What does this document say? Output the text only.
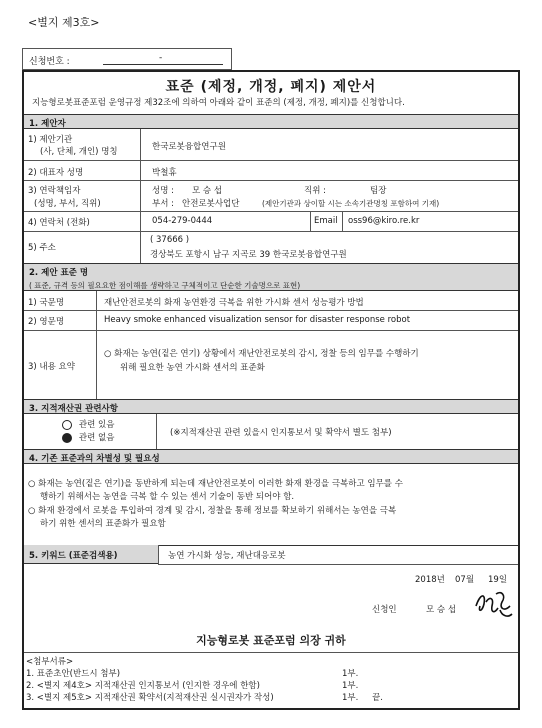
<별지 제3호>
신청번호 :	-
표준 (제정, 개정, 폐지) 제안서
지능형로봇표준포럼 운영규정 제32조에 의하여 아래와 같이 표준의 (제정, 개정, 폐지)를 신청합니다.
1. 제안자
1) 제안기관
(사, 단체, 개인) 명칭	한국로봇융합연구원
2) 대표자 성명	박철휴
3) 연락책임자
(성명, 부서, 직위)
성명 : 모 승 섭	직위 :	팀장
부서 : 안전로봇사업단	(제안기관과 상이할 시는 소속기관명칭 포함하여 기재)
4) 연락처 (전화)	054-279-0444	Email oss96@kiro.re.kr
5) 주소
( 37666 )
경상북도 포항시 남구 지곡로 39 한국로봇융합연구원
2. 제안 표준 명
( 표준, 규격 등의 필요요한 점이해를 생략하고 구체적이고 단순한 기술명으로 표현)
1) 국문명	재난안전로봇의 화재 농연환경 극복을 위한 가시화 센서 성능평가 방법
2) 영문명	Heavy smoke enhanced visualization sensor for disaster response robot
3) 내용 요약
○ 화재는 농연(짙은 연기) 상황에서 재난안전로봇의 감시, 정찰 등의 임무를 수행하기
위해 필요한 농연 가시화 센서의 표준화
3. 지적재산권 관련사항
관련 있음
관련 없음	(※지적재산권 관련 있을시 인지통보서 및 확약서 별도 첨부)
4. 기존 표준과의 차별성 및 필요성
○ 화재는 농연(짙은 연기)을 동반하게 되는데 재난안전로봇이 이러한 화재 환경을 극복하고 임무를 수
행하기 위해서는 농연을 극복 할 수 있는 센서 기술이 동반 되어야 함.
○ 화재 환경에서 로봇을 투입하여 경계 및 감시, 정찰을 통해 정보를 확보하기 위해서는 농연을 극복
하기 위한 센서의 표준화가 필요함
5. 키워드 (표준검색용)	농연 가시화 성능, 재난대응로봇
2018년 07월 19일
신청인	모 승 섭
지능형로봇 표준포럼 의장 귀하
<첨부서류>
1. 표준초안(반드시 첨부)	1부.
2. <별지 제4호> 지적재산권 인지통보서 (인지한 경우에 한함)	1부.
3. <별지 제5호> 지적재산권 확약서(지적재산권 실시권자가 작성)	1부. 끝.
